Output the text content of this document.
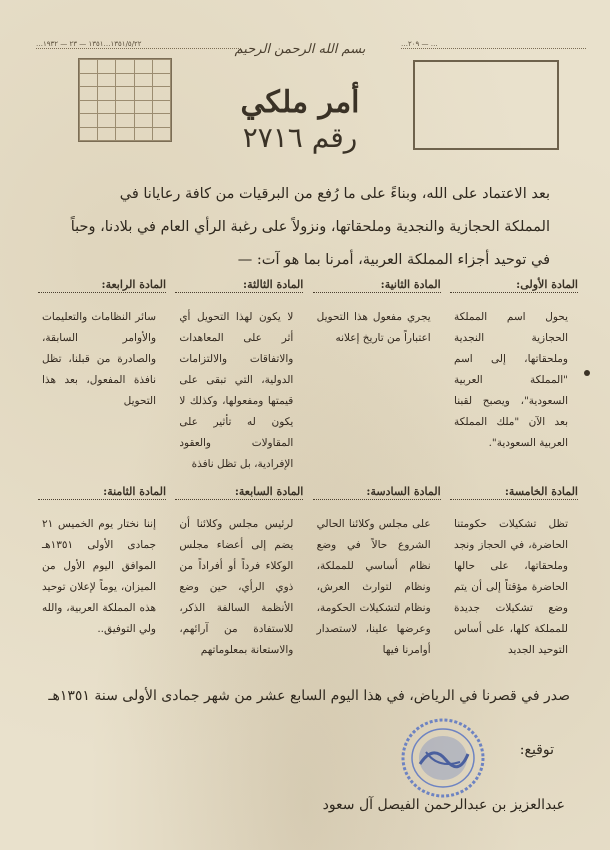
…١٣٥١/٥/٢٢…١٣٥١ — ٢٣ — ١٩٣٢	…٢٠٩ — …

بسم الله الرحمن الرحيم
أمر ملكي
رقم ٢٧١٦

بعد الاعتماد على الله، وبناءً على ما رُفع من البرقيات من كافة رعايانا في المملكة الحجازية والنجدية وملحقاتها، ونزولاً على رغبة الرأي العام في بلادنا، وحباً في توحيد أجزاء المملكة العربية، أمرنا بما هو آت: —
المادة الأولى:
يحول اسم المملكة الحجازية النجدية وملحقاتها، إلى اسم "المملكة العربية السعودية"، ويصبح لقبنا بعد الآن "ملك المملكة العربية السعودية".
المادة الثانية:
يجري مفعول هذا التحويل اعتباراً من تاريخ إعلانه
المادة الثالثة:
لا يكون لهذا التحويل أي أثر على المعاهدات والاتفاقات والالتزامات الدولية، التي تبقى على قيمتها ومفعولها، وكذلك لا يكون له تأثير على المقاولات والعقود الإفرادية، بل تظل نافذة
المادة الرابعة:
سائر النظامات والتعليمات والأوامر السابقة، والصادرة من قبلنا، تظل نافذة المفعول، بعد هذا التحويل
المادة الخامسة:
تظل تشكيلات حكومتنا الحاضرة، في الحجاز ونجد وملحقاتها، على حالها الحاضرة مؤقتاً إلى أن يتم وضع تشكيلات جديدة للمملكة كلها، على أساس التوحيد الجديد
المادة السادسة:
على مجلس وكلائنا الحالي الشروع حالاً في وضع نظام أساسي للمملكة، ونظام لتوارث العرش، ونظام لتشكيلات الحكومة، وعرضها علينا، لاستصدار أوامرنا فيها
المادة السابعة:
لرئيس مجلس وكلائنا أن يضم إلى أعضاء مجلس الوكلاء فرداً أو أفراداً من ذوي الرأي، حين وضع الأنظمة السالفة الذكر، للاستفادة من آرائهم، والاستعانة بمعلوماتهم
المادة الثامنة:
إننا نختار يوم الخميس ٢١ جمادى الأولى ١٣٥١هـ الموافق اليوم الأول من الميزان، يوماً لإعلان توحيد هذه المملكة العربية، والله ولي التوفيق..
صدر في قصرنا في الرياض، في هذا اليوم السابع عشر من شهر جمادى الأولى سنة ١٣٥١هـ
توقيع:
عبدالعزيز بن عبدالرحمن الفيصل آل سعود
